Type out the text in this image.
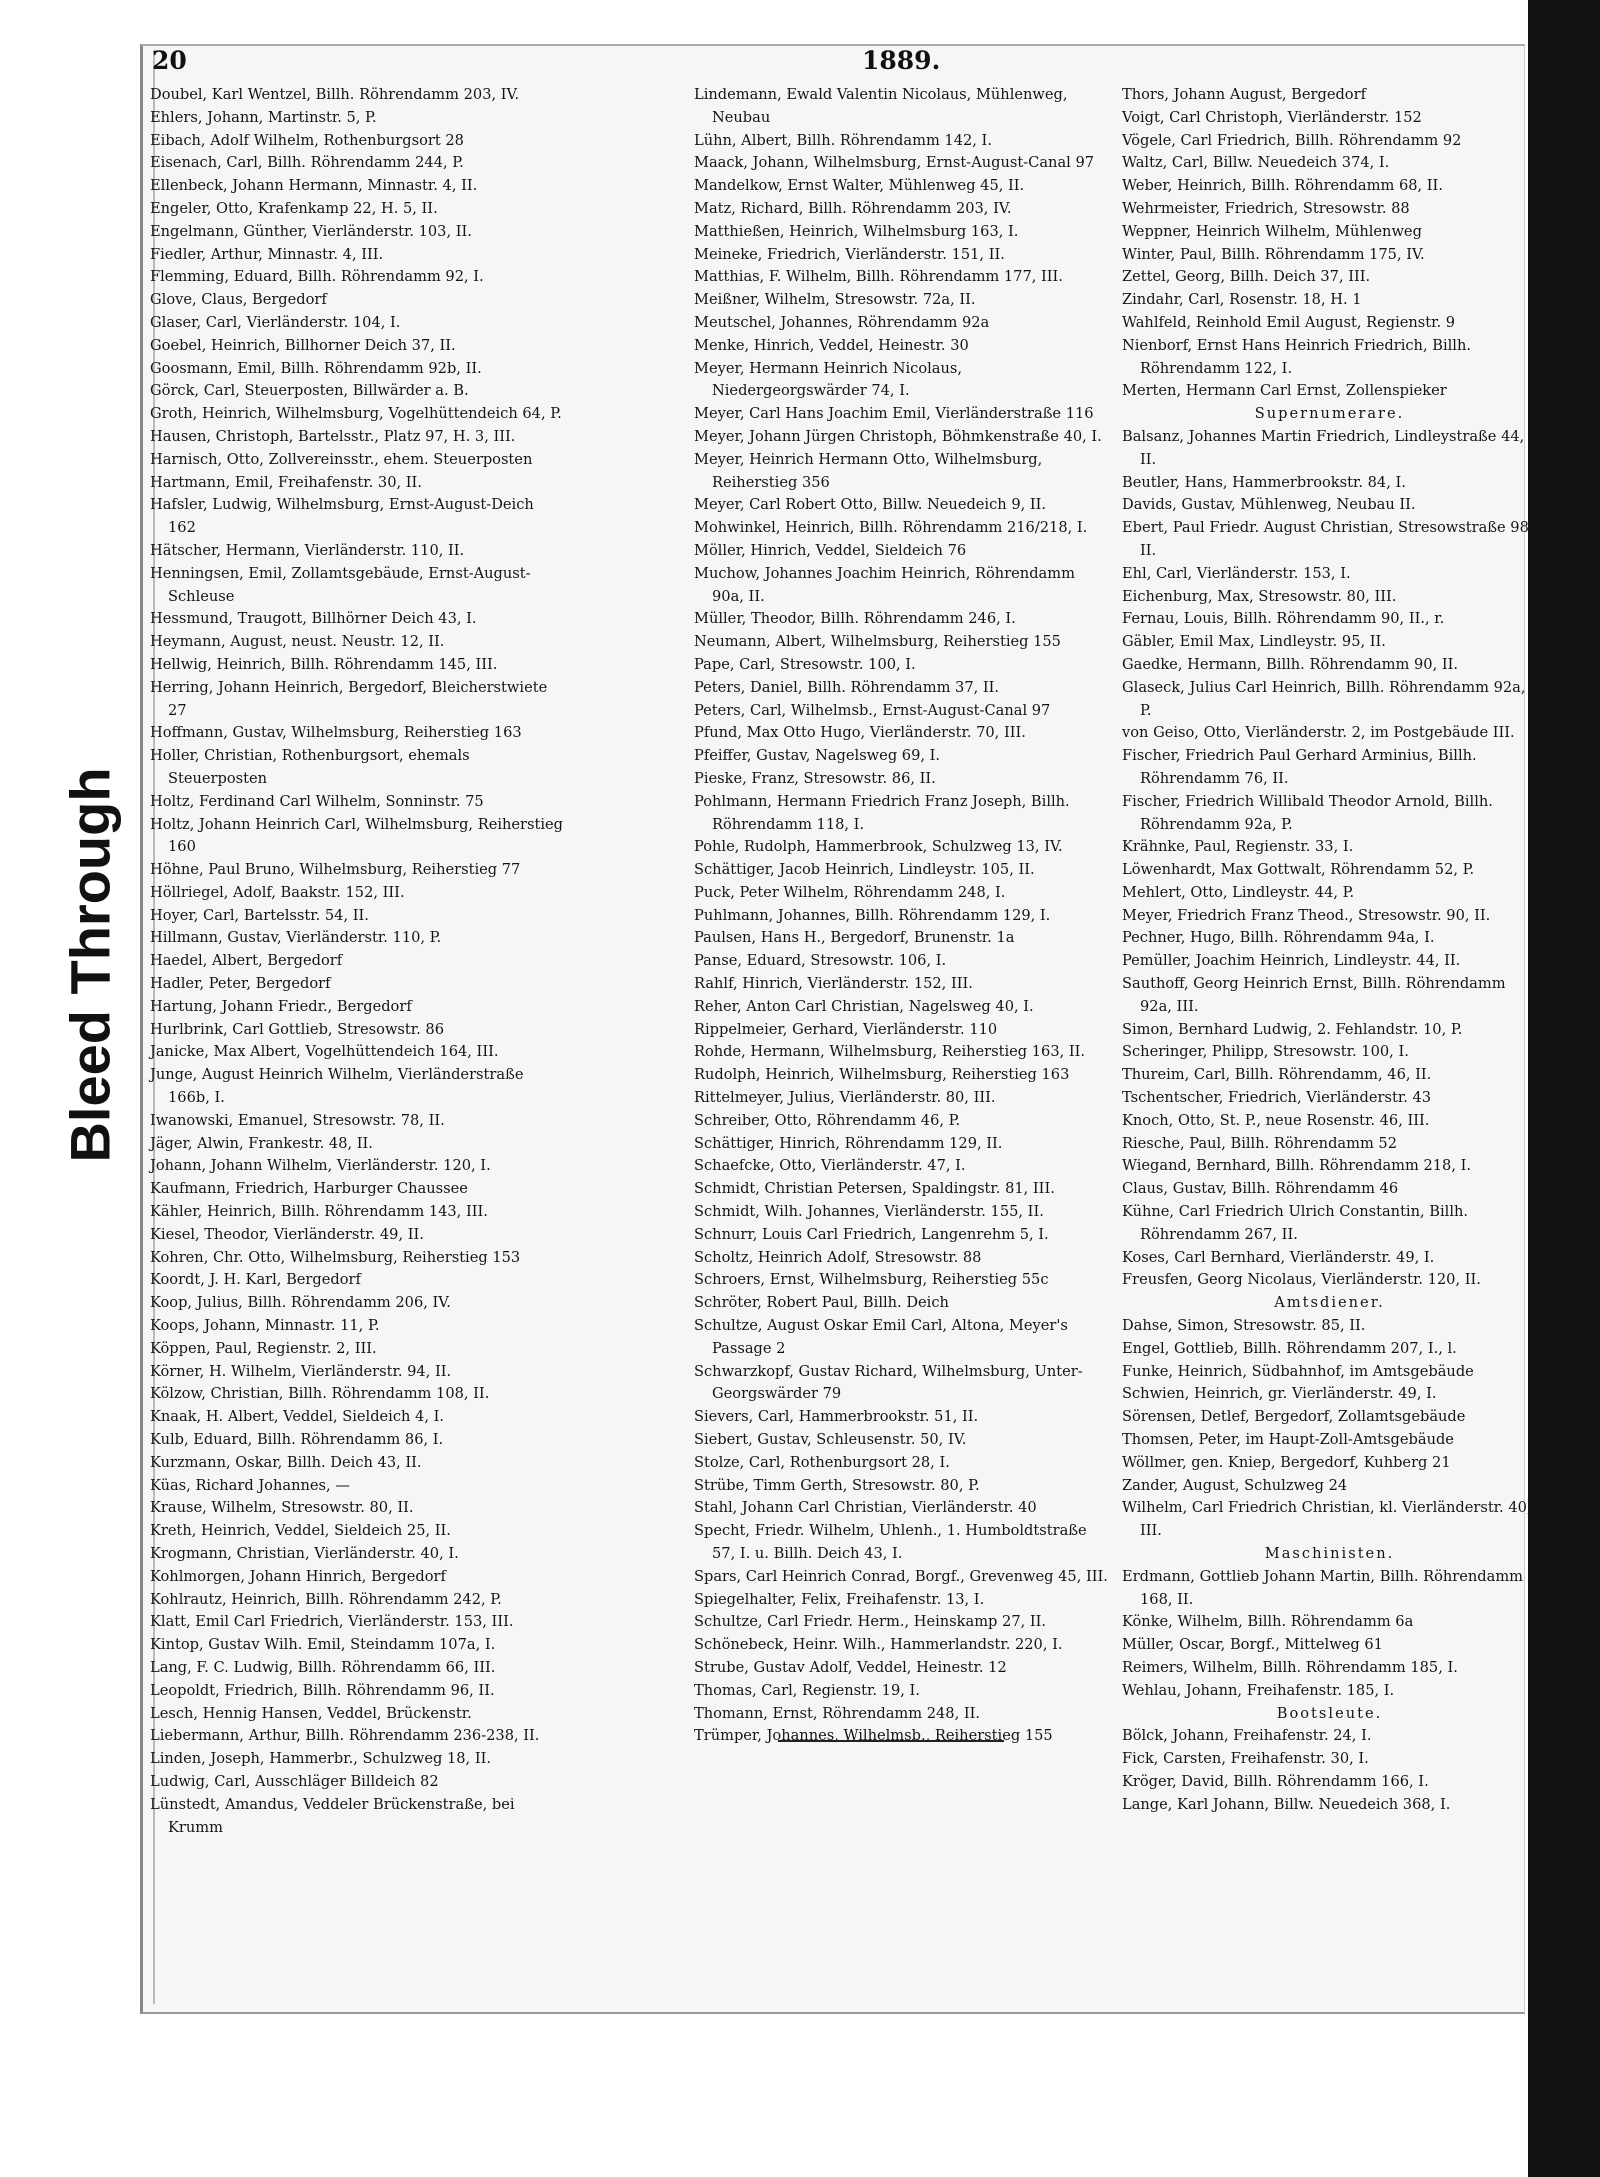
Bleed Through
20	1889.

Doubel, Karl Wentzel, Billh. Röhrendamm 203, IV.

Ehlers, Johann, Martinstr. 5, P.

Eibach, Adolf Wilhelm, Rothenburgsort 28

Eisenach, Carl, Billh. Röhrendamm 244, P.

Ellenbeck, Johann Hermann, Minnastr. 4, II.

Engeler, Otto, Krafenkamp 22, H. 5, II.

Engelmann, Günther, Vierländerstr. 103, II.

Fiedler, Arthur, Minnastr. 4, III.

Flemming, Eduard, Billh. Röhrendamm 92, I.

Glove, Claus, Bergedorf

Glaser, Carl, Vierländerstr. 104, I.

Goebel, Heinrich, Billhorner Deich 37, II.

Goosmann, Emil, Billh. Röhrendamm 92b, II.

Görck, Carl, Steuerposten, Billwärder a. B.

Groth, Heinrich, Wilhelmsburg, Vogelhüttendeich 64, P.

Hausen, Christoph, Bartelsstr., Platz 97, H. 3, III.

Harnisch, Otto, Zollvereinsstr., ehem. Steuerposten

Hartmann, Emil, Freihafenstr. 30, II.

Hafsler, Ludwig, Wilhelmsburg, Ernst-August-Deich 162

Hätscher, Hermann, Vierländerstr. 110, II.

Henningsen, Emil, Zollamtsgebäude, Ernst-August-Schleuse

Hessmund, Traugott, Billhörner Deich 43, I.

Heymann, August, neust. Neustr. 12, II.

Hellwig, Heinrich, Billh. Röhrendamm 145, III.

Herring, Johann Heinrich, Bergedorf, Bleicherstwiete 27

Hoffmann, Gustav, Wilhelmsburg, Reiherstieg 163

Holler, Christian, Rothenburgsort, ehemals Steuerposten

Holtz, Ferdinand Carl Wilhelm, Sonninstr. 75

Holtz, Johann Heinrich Carl, Wilhelmsburg, Reiherstieg 160

Höhne, Paul Bruno, Wilhelmsburg, Reiherstieg 77

Höllriegel, Adolf, Baakstr. 152, III.

Hoyer, Carl, Bartelsstr. 54, II.

Hillmann, Gustav, Vierländerstr. 110, P.

Haedel, Albert, Bergedorf

Hadler, Peter, Bergedorf

Hartung, Johann Friedr., Bergedorf

Hurlbrink, Carl Gottlieb, Stresowstr. 86

Janicke, Max Albert, Vogelhüttendeich 164, III.

Junge, August Heinrich Wilhelm, Vierländerstraße 166b, I.

Iwanowski, Emanuel, Stresowstr. 78, II.

Jäger, Alwin, Frankestr. 48, II.

Johann, Johann Wilhelm, Vierländerstr. 120, I.

Kaufmann, Friedrich, Harburger Chaussee

Kähler, Heinrich, Billh. Röhrendamm 143, III.

Kiesel, Theodor, Vierländerstr. 49, II.

Kohren, Chr. Otto, Wilhelmsburg, Reiherstieg 153

Koordt, J. H. Karl, Bergedorf

Koop, Julius, Billh. Röhrendamm 206, IV.

Koops, Johann, Minnastr. 11, P.

Köppen, Paul, Regienstr. 2, III.

Körner, H. Wilhelm, Vierländerstr. 94, II.

Kölzow, Christian, Billh. Röhrendamm 108, II.

Knaak, H. Albert, Veddel, Sieldeich 4, I.

Kulb, Eduard, Billh. Röhrendamm 86, I.

Kurzmann, Oskar, Billh. Deich 43, II.

Küas, Richard Johannes, —

Krause, Wilhelm, Stresowstr. 80, II.

Kreth, Heinrich, Veddel, Sieldeich 25, II.

Krogmann, Christian, Vierländerstr. 40, I.

Kohlmorgen, Johann Hinrich, Bergedorf

Kohlrautz, Heinrich, Billh. Röhrendamm 242, P.

Klatt, Emil Carl Friedrich, Vierländerstr. 153, III.

Kintop, Gustav Wilh. Emil, Steindamm 107a, I.

Lang, F. C. Ludwig, Billh. Röhrendamm 66, III.

Leopoldt, Friedrich, Billh. Röhrendamm 96, II.

Lesch, Hennig Hansen, Veddel, Brückenstr.

Liebermann, Arthur, Billh. Röhrendamm 236-238, II.

Linden, Joseph, Hammerbr., Schulzweg 18, II.

Ludwig, Carl, Ausschläger Billdeich 82

Lünstedt, Amandus, Veddeler Brückenstraße, bei Krumm

Lindemann, Ewald Valentin Nicolaus, Mühlenweg, Neubau

Lühn, Albert, Billh. Röhrendamm 142, I.

Maack, Johann, Wilhelmsburg, Ernst-August-Canal 97

Mandelkow, Ernst Walter, Mühlenweg 45, II.

Matz, Richard, Billh. Röhrendamm 203, IV.

Matthießen, Heinrich, Wilhelmsburg 163, I.

Meineke, Friedrich, Vierländerstr. 151, II.

Matthias, F. Wilhelm, Billh. Röhrendamm 177, III.

Meißner, Wilhelm, Stresowstr. 72a, II.

Meutschel, Johannes, Röhrendamm 92a

Menke, Hinrich, Veddel, Heinestr. 30

Meyer, Hermann Heinrich Nicolaus, Niedergeorgswärder 74, I.

Meyer, Carl Hans Joachim Emil, Vierländerstraße 116

Meyer, Johann Jürgen Christoph, Böhmkenstraße 40, I.

Meyer, Heinrich Hermann Otto, Wilhelmsburg, Reiherstieg 356

Meyer, Carl Robert Otto, Billw. Neuedeich 9, II.

Mohwinkel, Heinrich, Billh. Röhrendamm 216/218, I.

Möller, Hinrich, Veddel, Sieldeich 76

Muchow, Johannes Joachim Heinrich, Röhrendamm 90a, II.

Müller, Theodor, Billh. Röhrendamm 246, I.

Neumann, Albert, Wilhelmsburg, Reiherstieg 155

Pape, Carl, Stresowstr. 100, I.

Peters, Daniel, Billh. Röhrendamm 37, II.

Peters, Carl, Wilhelmsb., Ernst-August-Canal 97

Pfund, Max Otto Hugo, Vierländerstr. 70, III.

Pfeiffer, Gustav, Nagelsweg 69, I.

Pieske, Franz, Stresowstr. 86, II.

Pohlmann, Hermann Friedrich Franz Joseph, Billh. Röhrendamm 118, I.

Pohle, Rudolph, Hammerbrook, Schulzweg 13, IV.

Schättiger, Jacob Heinrich, Lindleystr. 105, II.

Puck, Peter Wilhelm, Röhrendamm 248, I.

Puhlmann, Johannes, Billh. Röhrendamm 129, I.

Paulsen, Hans H., Bergedorf, Brunenstr. 1a

Panse, Eduard, Stresowstr. 106, I.

Rahlf, Hinrich, Vierländerstr. 152, III.

Reher, Anton Carl Christian, Nagelsweg 40, I.

Rippelmeier, Gerhard, Vierländerstr. 110

Rohde, Hermann, Wilhelmsburg, Reiherstieg 163, II.

Rudolph, Heinrich, Wilhelmsburg, Reiherstieg 163

Rittelmeyer, Julius, Vierländerstr. 80, III.

Schreiber, Otto, Röhrendamm 46, P.

Schättiger, Hinrich, Röhrendamm 129, II.

Schaefcke, Otto, Vierländerstr. 47, I.

Schmidt, Christian Petersen, Spaldingstr. 81, III.

Schmidt, Wilh. Johannes, Vierländerstr. 155, II.

Schnurr, Louis Carl Friedrich, Langenrehm 5, I.

Scholtz, Heinrich Adolf, Stresowstr. 88

Schroers, Ernst, Wilhelmsburg, Reiherstieg 55c

Schröter, Robert Paul, Billh. Deich

Schultze, August Oskar Emil Carl, Altona, Meyer's Passage 2

Schwarzkopf, Gustav Richard, Wilhelmsburg, Unter-Georgswärder 79

Sievers, Carl, Hammerbrookstr. 51, II.

Siebert, Gustav, Schleusenstr. 50, IV.

Stolze, Carl, Rothenburgsort 28, I.

Strübe, Timm Gerth, Stresowstr. 80, P.

Stahl, Johann Carl Christian, Vierländerstr. 40

Specht, Friedr. Wilhelm, Uhlenh., 1. Humboldtstraße 57, I. u. Billh. Deich 43, I.

Spars, Carl Heinrich Conrad, Borgf., Grevenweg 45, III.

Spiegelhalter, Felix, Freihafenstr. 13, I.

Schultze, Carl Friedr. Herm., Heinskamp 27, II.

Schönebeck, Heinr. Wilh., Hammerlandstr. 220, I.

Strube, Gustav Adolf, Veddel, Heinestr. 12

Thomas, Carl, Regienstr. 19, I.

Thomann, Ernst, Röhrendamm 248, II.

Trümper, Johannes, Wilhelmsb., Reiherstieg 155

Thors, Johann August, Bergedorf

Voigt, Carl Christoph, Vierländerstr. 152

Vögele, Carl Friedrich, Billh. Röhrendamm 92

Waltz, Carl, Billw. Neuedeich 374, I.

Weber, Heinrich, Billh. Röhrendamm 68, II.

Wehrmeister, Friedrich, Stresowstr. 88

Weppner, Heinrich Wilhelm, Mühlenweg

Winter, Paul, Billh. Röhrendamm 175, IV.

Zettel, Georg, Billh. Deich 37, III.

Zindahr, Carl, Rosenstr. 18, H. 1

Wahlfeld, Reinhold Emil August, Regienstr. 9

Nienborf, Ernst Hans Heinrich Friedrich, Billh. Röhrendamm 122, I.

Merten, Hermann Carl Ernst, Zollenspieker

Supernumerare.

Balsanz, Johannes Martin Friedrich, Lindleystraße 44, II.

Beutler, Hans, Hammerbrookstr. 84, I.

Davids, Gustav, Mühlenweg, Neubau II.

Ebert, Paul Friedr. August Christian, Stresowstraße 98, II.

Ehl, Carl, Vierländerstr. 153, I.

Eichenburg, Max, Stresowstr. 80, III.

Fernau, Louis, Billh. Röhrendamm 90, II., r.

Gäbler, Emil Max, Lindleystr. 95, II.

Gaedke, Hermann, Billh. Röhrendamm 90, II.

Glaseck, Julius Carl Heinrich, Billh. Röhrendamm 92a, P.

von Geiso, Otto, Vierländerstr. 2, im Postgebäude III.

Fischer, Friedrich Paul Gerhard Arminius, Billh. Röhrendamm 76, II.

Fischer, Friedrich Willibald Theodor Arnold, Billh. Röhrendamm 92a, P.

Krähnke, Paul, Regienstr. 33, I.

Löwenhardt, Max Gottwalt, Röhrendamm 52, P.

Mehlert, Otto, Lindleystr. 44, P.

Meyer, Friedrich Franz Theod., Stresowstr. 90, II.

Pechner, Hugo, Billh. Röhrendamm 94a, I.

Pemüller, Joachim Heinrich, Lindleystr. 44, II.

Sauthoff, Georg Heinrich Ernst, Billh. Röhrendamm 92a, III.

Simon, Bernhard Ludwig, 2. Fehlandstr. 10, P.

Scheringer, Philipp, Stresowstr. 100, I.

Thureim, Carl, Billh. Röhrendamm, 46, II.

Tschentscher, Friedrich, Vierländerstr. 43

Knoch, Otto, St. P., neue Rosenstr. 46, III.

Riesche, Paul, Billh. Röhrendamm 52

Wiegand, Bernhard, Billh. Röhrendamm 218, I.

Claus, Gustav, Billh. Röhrendamm 46

Kühne, Carl Friedrich Ulrich Constantin, Billh. Röhrendamm 267, II.

Koses, Carl Bernhard, Vierländerstr. 49, I.

Freusfen, Georg Nicolaus, Vierländerstr. 120, II.

Amtsdiener.

Dahse, Simon, Stresowstr. 85, II.

Engel, Gottlieb, Billh. Röhrendamm 207, I., l.

Funke, Heinrich, Südbahnhof, im Amtsgebäude

Schwien, Heinrich, gr. Vierländerstr. 49, I.

Sörensen, Detlef, Bergedorf, Zollamtsgebäude

Thomsen, Peter, im Haupt-Zoll-Amtsgebäude

Wöllmer, gen. Kniep, Bergedorf, Kuhberg 21

Zander, August, Schulzweg 24

Wilhelm, Carl Friedrich Christian, kl. Vierländerstr. 40, III.

Maschinisten.

Erdmann, Gottlieb Johann Martin, Billh. Röhrendamm 168, II.

Könke, Wilhelm, Billh. Röhrendamm 6a

Müller, Oscar, Borgf., Mittelweg 61

Reimers, Wilhelm, Billh. Röhrendamm 185, I.

Wehlau, Johann, Freihafenstr. 185, I.

Bootsleute.

Bölck, Johann, Freihafenstr. 24, I.

Fick, Carsten, Freihafenstr. 30, I.

Kröger, David, Billh. Röhrendamm 166, I.

Lange, Karl Johann, Billw. Neuedeich 368, I.
